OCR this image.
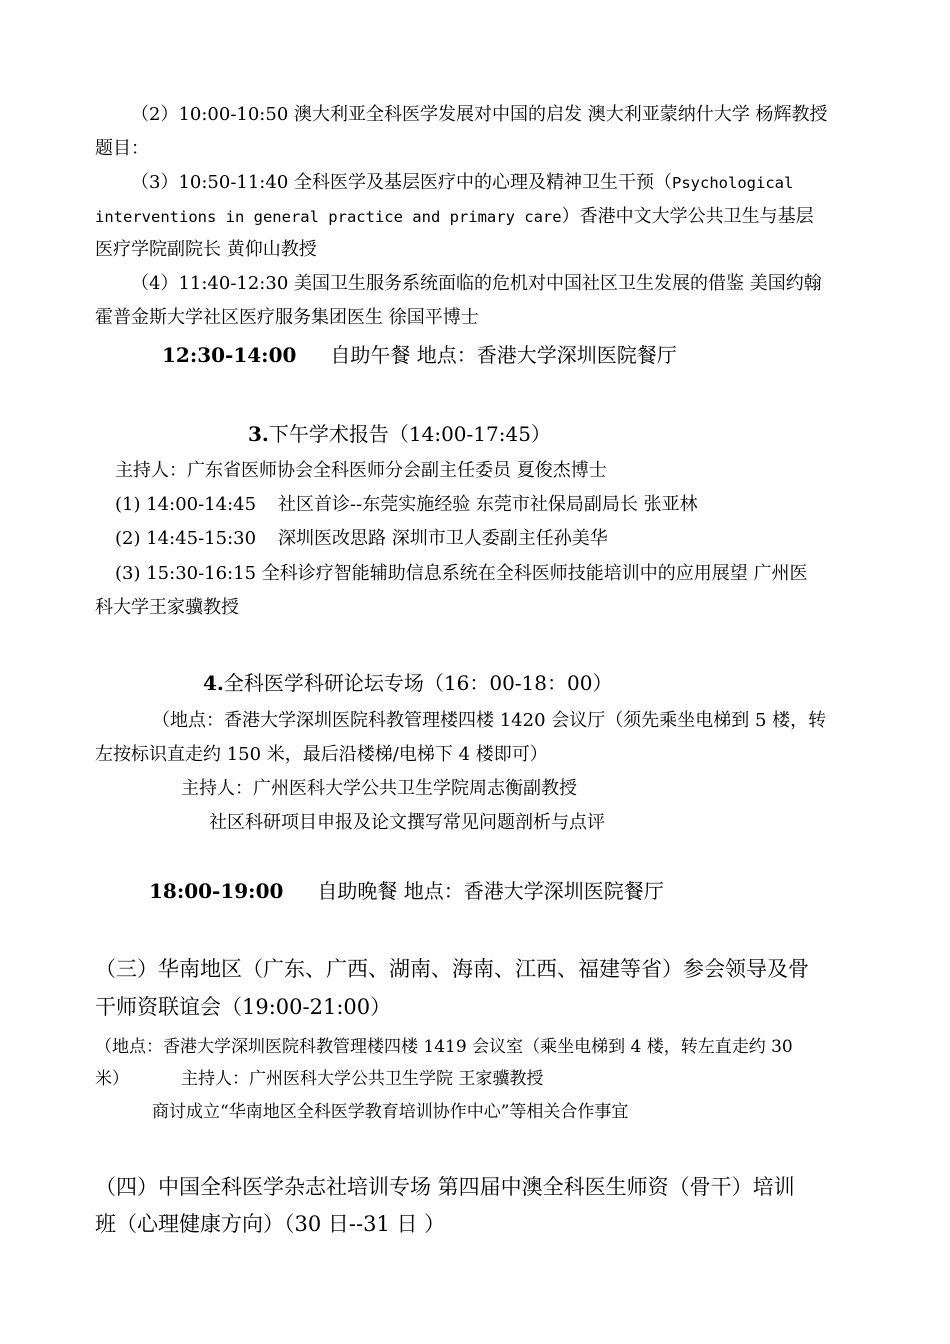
（2）10:00-10:50 澳大利亚全科医学发展对中国的启发 澳大利亚蒙纳什大学 杨辉教授
题目：
（3）10:50-11:40 全科医学及基层医疗中的心理及精神卫生干预（Psychological
interventions in general practice and primary care）香港中文大学公共卫生与基层
医疗学院副院长 黄仰山教授
（4）11:40-12:30 美国卫生服务系统面临的危机对中国社区卫生发展的借鉴 美国约翰
霍普金斯大学社区医疗服务集团医生 徐国平博士
12:30-14:00 自助午餐 地点：香港大学深圳医院餐厅
3.下午学术报告（14:00-17:45）
主持人：广东省医师协会全科医师分会副主任委员 夏俊杰博士
(1) 14:00-14:45 社区首诊--东莞实施经验 东莞市社保局副局长 张亚林
(2) 14:45-15:30 深圳医改思路 深圳市卫人委副主任孙美华
(3) 15:30-16:15 全科诊疗智能辅助信息系统在全科医师技能培训中的应用展望 广州医
科大学王家骥教授
4.全科医学科研论坛专场（16：00-18：00）
（地点：香港大学深圳医院科教管理楼四楼 1420 会议厅（须先乘坐电梯到 5 楼，转
左按标识直走约 150 米，最后沿楼梯/电梯下 4 楼即可）
主持人：广州医科大学公共卫生学院周志衡副教授
社区科研项目申报及论文撰写常见问题剖析与点评
18:00-19:00 自助晚餐 地点：香港大学深圳医院餐厅
（三）华南地区（广东、广西、湖南、海南、江西、福建等省）参会领导及骨
干师资联谊会（19:00-21:00）
（地点：香港大学深圳医院科教管理楼四楼 1419 会议室（乘坐电梯到 4 楼，转左直走约 30
米）	主持人：广州医科大学公共卫生学院 王家骥教授
商讨成立“华南地区全科医学教育培训协作中心”等相关合作事宜
（四）中国全科医学杂志社培训专场 第四届中澳全科医生师资（骨干）培训
班（心理健康方向）（30 日--31 日 ）
